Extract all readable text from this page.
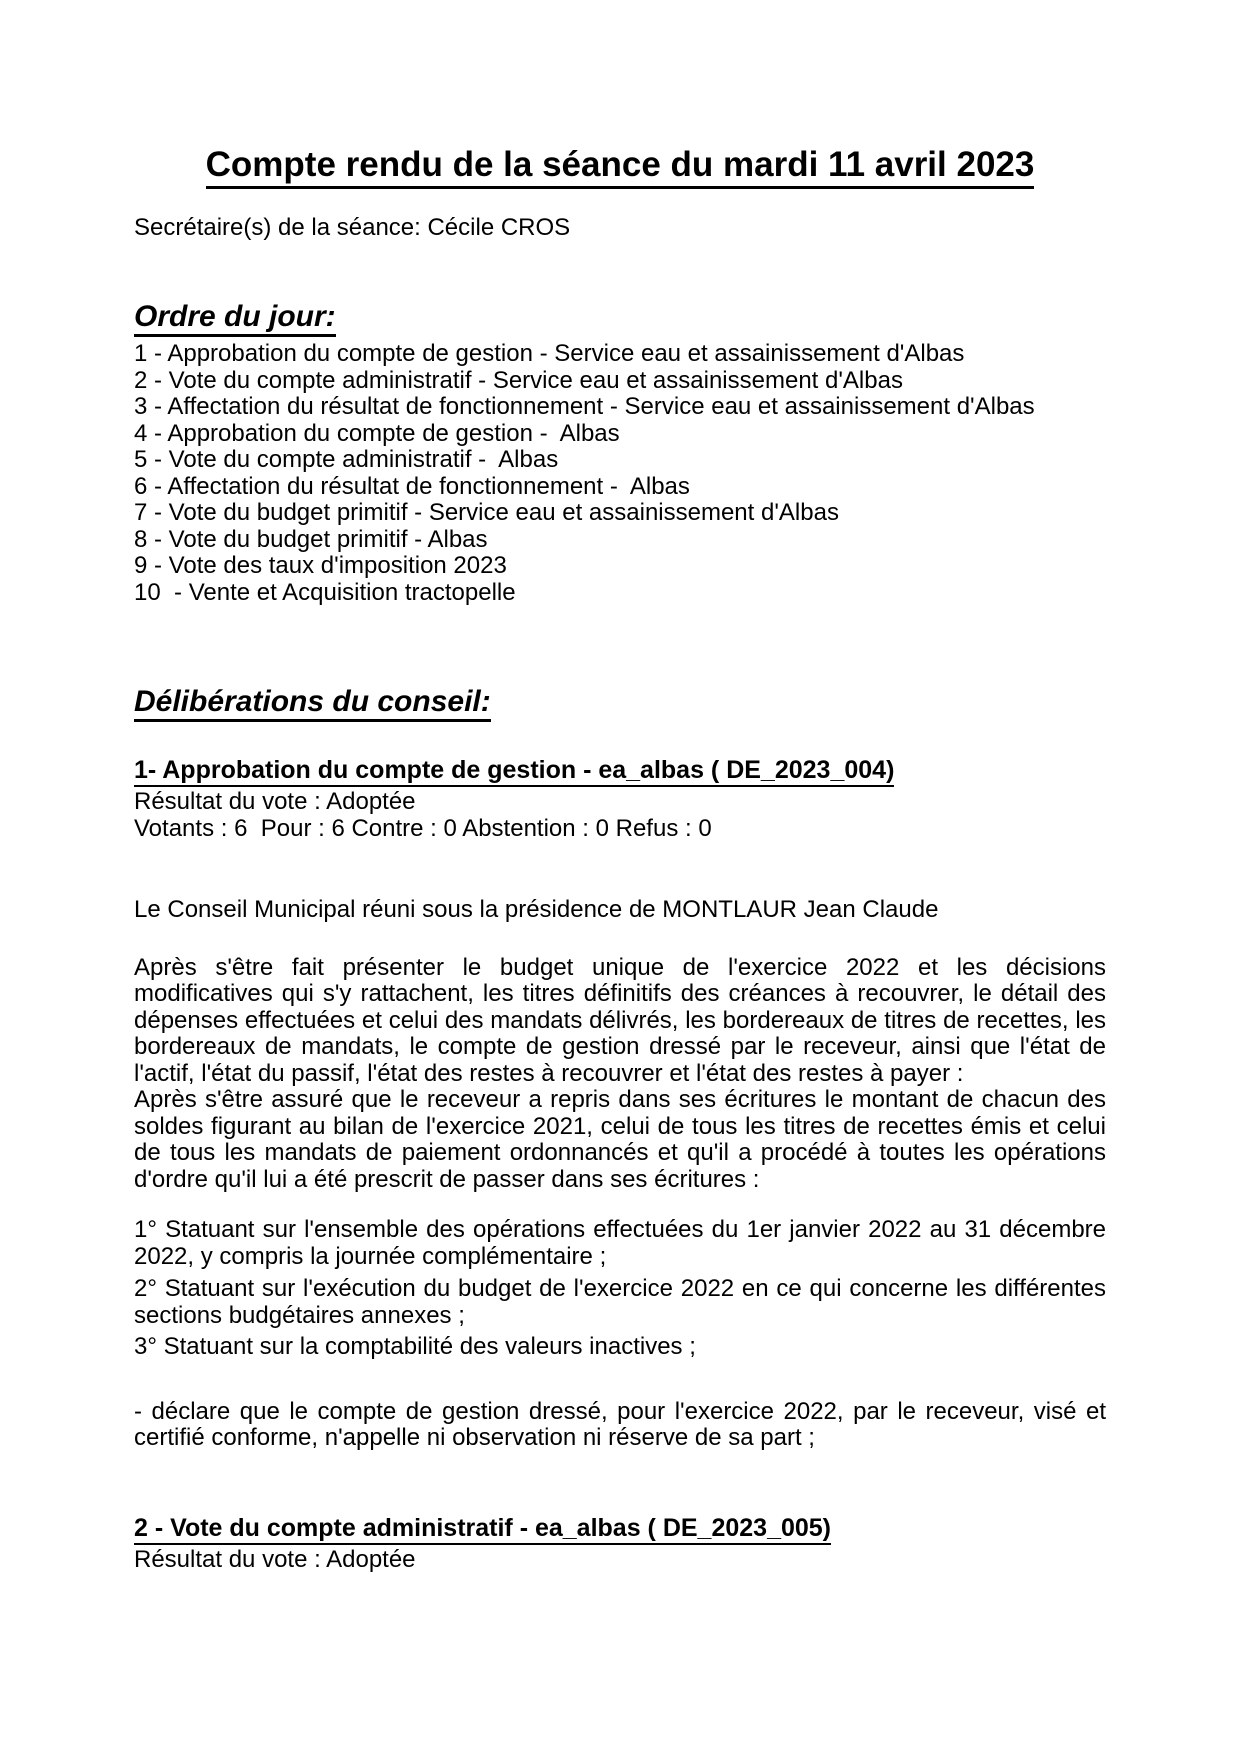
Compte rendu de la séance du mardi 11 avril 2023

Secrétaire(s) de la séance: Cécile CROS

Ordre du jour:
1 - Approbation du compte de gestion - Service eau et assainissement d'Albas
2 - Vote du compte administratif - Service eau et assainissement d'Albas
3 - Affectation du résultat de fonctionnement - Service eau et assainissement d'Albas
4 - Approbation du compte de gestion -  Albas
5 - Vote du compte administratif -  Albas
6 - Affectation du résultat de fonctionnement -  Albas
7 - Vote du budget primitif - Service eau et assainissement d'Albas
8 - Vote du budget primitif - Albas
9 - Vote des taux d'imposition 2023
10  - Vente et Acquisition tractopelle
Délibérations du conseil:
1- Approbation du compte de gestion - ea_albas ( DE_2023_004)

Résultat du vote : Adoptée

Votants : 6  Pour : 6 Contre : 0 Abstention : 0 Refus : 0

Le Conseil Municipal réuni sous la présidence de MONTLAUR Jean Claude

Après s'être fait présenter le budget unique de l'exercice 2022 et les décisions modificatives qui s'y rattachent, les titres définitifs des créances à recouvrer, le détail des dépenses effectuées et celui des mandats délivrés, les bordereaux de titres de recettes, les bordereaux de mandats, le compte de gestion dressé par le receveur, ainsi que l'état de l'actif, l'état du passif, l'état des restes à recouvrer et l'état des restes à payer :

Après s'être assuré que le receveur a repris dans ses écritures le montant de chacun des soldes figurant au bilan de l'exercice 2021, celui de tous les titres de recettes émis et celui de tous les mandats de paiement ordonnancés et qu'il a procédé à toutes les opérations d'ordre qu'il lui a été prescrit de passer dans ses écritures :

1° Statuant sur l'ensemble des opérations effectuées du 1er janvier 2022 au 31 décembre 2022, y compris la journée complémentaire ;

2° Statuant sur l'exécution du budget de l'exercice 2022 en ce qui concerne les différentes sections budgétaires annexes ;

3° Statuant sur la comptabilité des valeurs inactives ;

- déclare que le compte de gestion dressé, pour l'exercice 2022, par le receveur, visé et certifié conforme, n'appelle ni observation ni réserve de sa part ;

2 - Vote du compte administratif - ea_albas ( DE_2023_005)

Résultat du vote : Adoptée
